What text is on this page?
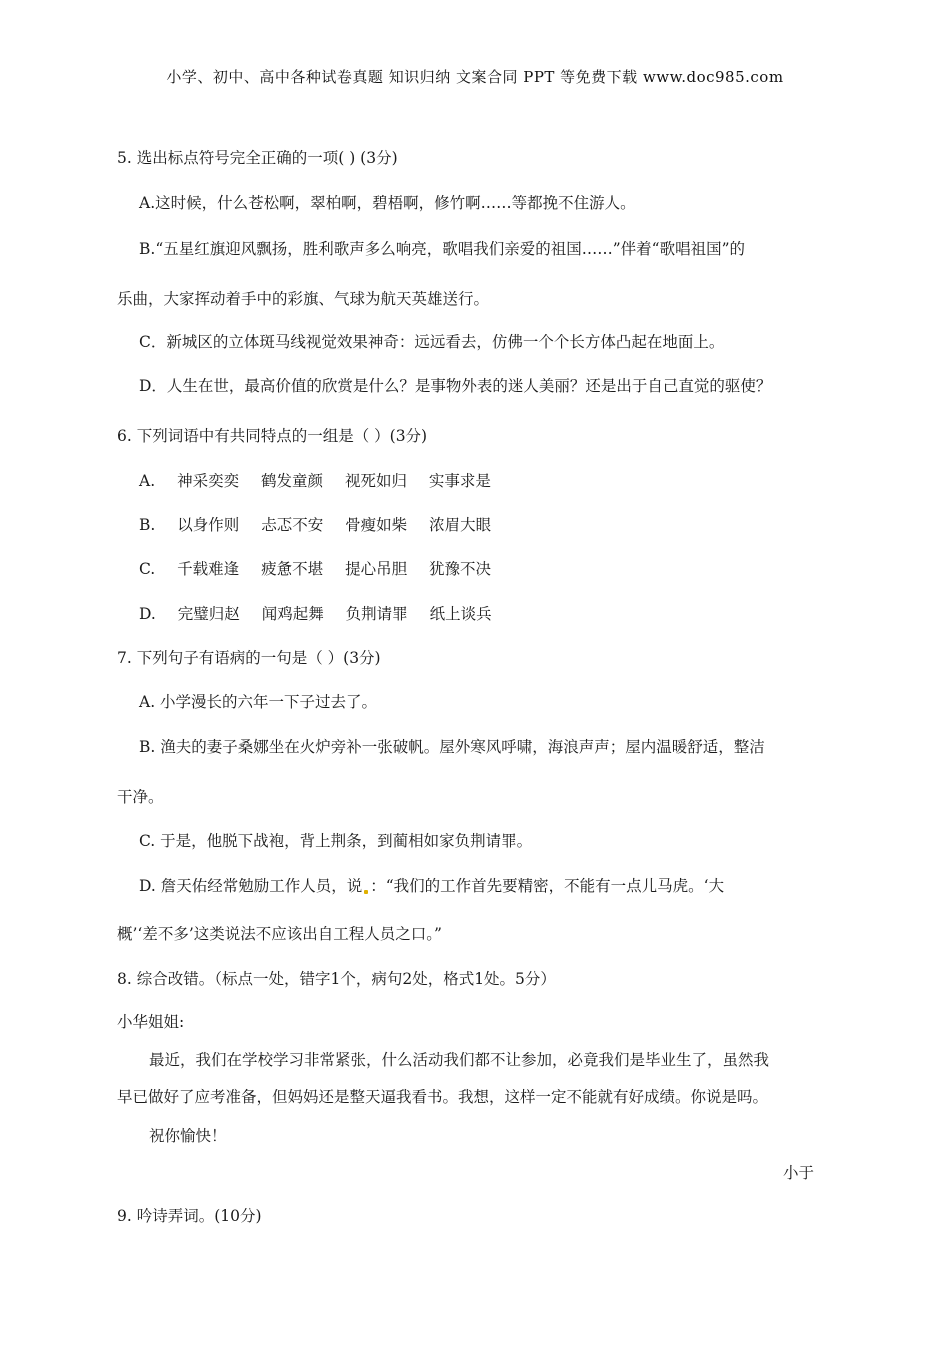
小学、初中、高中各种试卷真题 知识归纳 文案合同 PPT 等免费下载 www.doc985.com
5. 选出标点符号完全正确的一项( ) (3分)
A.这时候，什么苍松啊，翠柏啊，碧梧啊，修竹啊……等都挽不住游人。
B.“五星红旗迎风飘扬，胜利歌声多么响亮，歌唱我们亲爱的祖国……”伴着“歌唱祖国”的
乐曲，大家挥动着手中的彩旗、气球为航天英雄送行。
C．新城区的立体斑马线视觉效果神奇：远远看去，仿佛一个个长方体凸起在地面上。
D．人生在世，最高价值的欣赏是什么？是事物外表的迷人美丽？还是出于自己直觉的驱使？
6. 下列词语中有共同特点的一组是（ ）(3分)
A. 神采奕奕 鹤发童颜 视死如归 实事求是
B. 以身作则 忐忑不安 骨瘦如柴 浓眉大眼
C. 千载难逢 疲惫不堪 提心吊胆 犹豫不决
D. 完璧归赵 闻鸡起舞 负荆请罪 纸上谈兵
7. 下列句子有语病的一句是（ ）(3分)
A. 小学漫长的六年一下子过去了。
B. 渔夫的妻子桑娜坐在火炉旁补一张破帆。屋外寒风呼啸，海浪声声；屋内温暖舒适，整洁
干净。
C. 于是，他脱下战袍，背上荆条，到蔺相如家负荆请罪。
D. 詹天佑经常勉励工作人员，说 ：“我们的工作首先要精密，不能有一点儿马虎。‘大
概’‘差不多’这类说法不应该出自工程人员之口。”
8. 综合改错。（标点一处，错字1个，病句2处，格式1处。5分）
小华姐姐:
最近，我们在学校学习非常紧张，什么活动我们都不让参加，必竟我们是毕业生了，虽然我
早已做好了应考准备，但妈妈还是整天逼我看书。我想，这样一定不能就有好成绩。你说是吗。
祝你愉快！
小于
9. 吟诗弄词。(10分)
